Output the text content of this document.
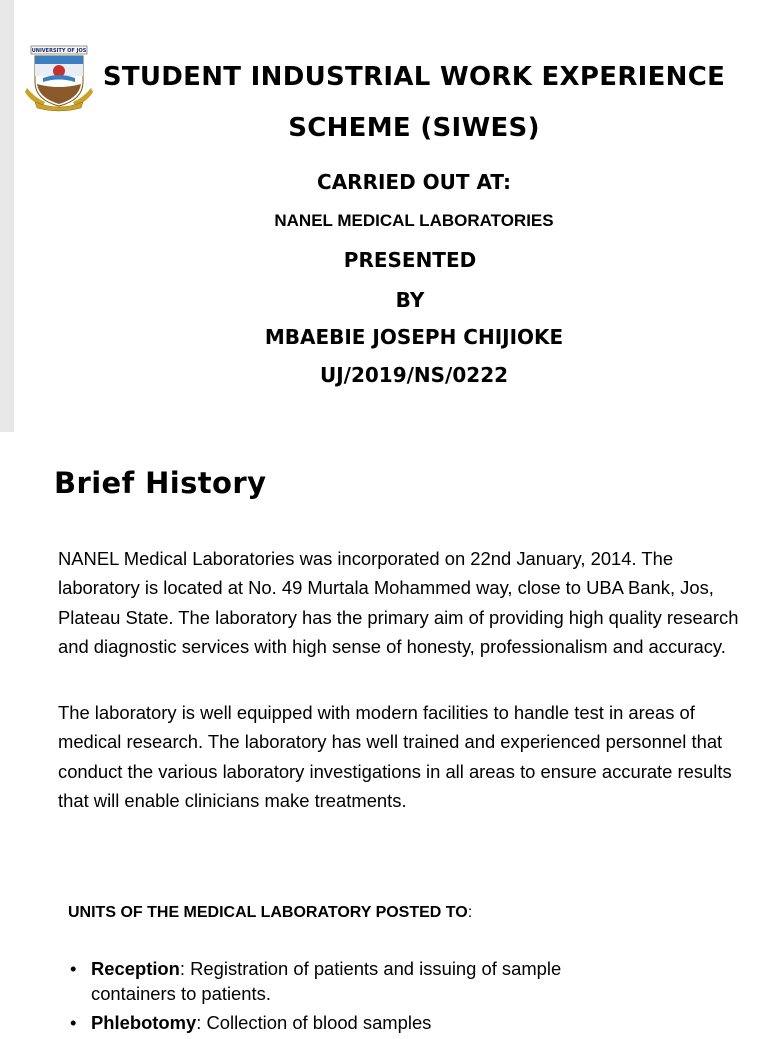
UNIVERSITY OF JOS
STUDENT INDUSTRIAL WORK EXPERIENCE
SCHEME (SIWES)
CARRIED OUT AT:
NANEL MEDICAL LABORATORIES
PRESENTED
BY
MBAEBIE JOSEPH CHIJIOKE
UJ/2019/NS/0222
Brief History
NANEL Medical Laboratories was incorporated on 22nd January, 2014. The laboratory is located at No. 49 Murtala Mohammed way, close to UBA Bank, Jos, Plateau State. The laboratory has the primary aim of providing high quality research and diagnostic services with high sense of honesty, professionalism and accuracy.
The laboratory is well equipped with modern facilities to handle test in areas of medical research. The laboratory has well trained and experienced personnel that conduct the various laboratory investigations in all areas to ensure accurate results that will enable clinicians make treatments.
UNITS OF THE MEDICAL LABORATORY POSTED TO:
• Reception: Registration of patients and issuing of sample containers to patients.
• Phlebotomy: Collection of blood samples
